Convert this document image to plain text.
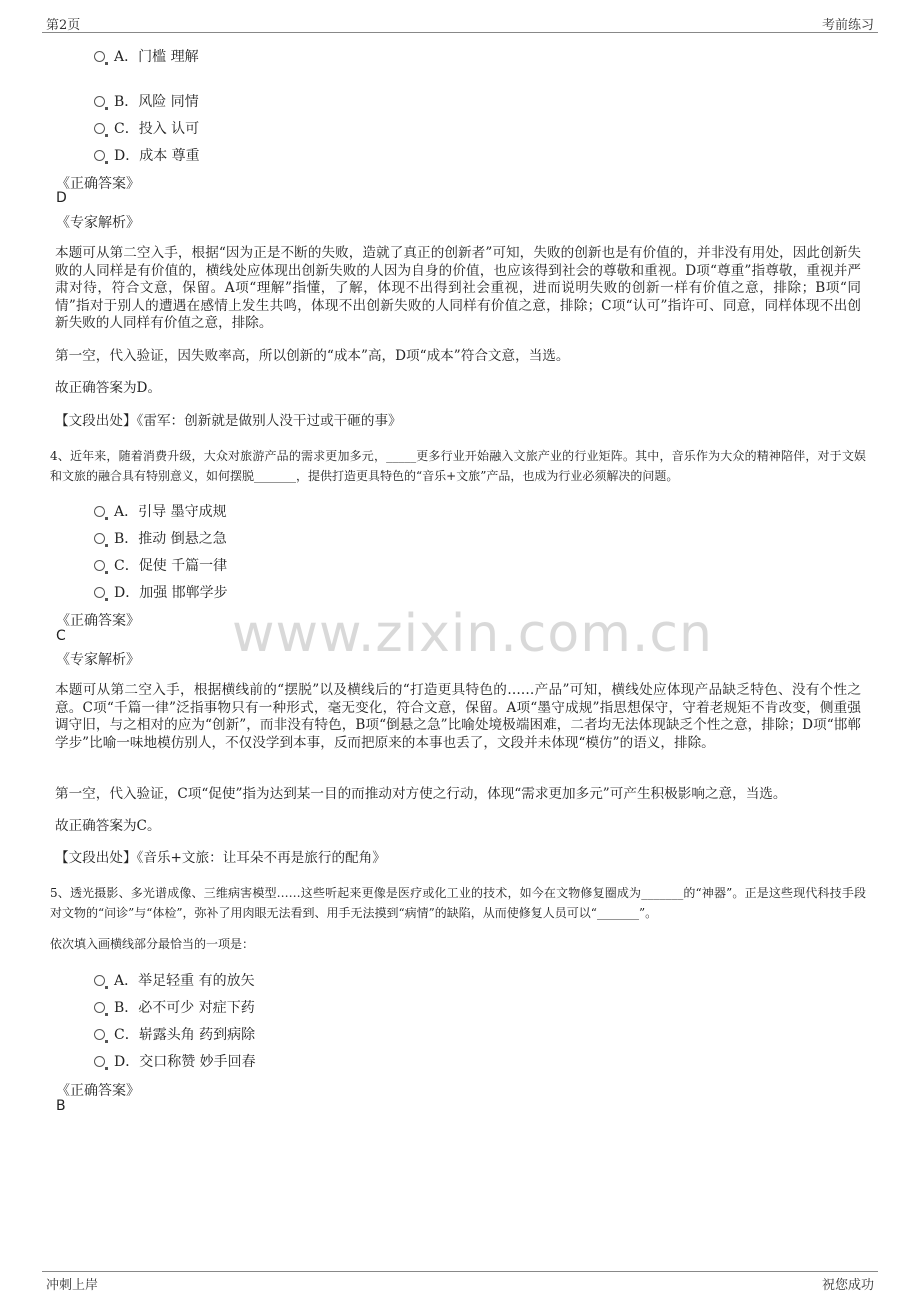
第2页	考前练习
www.zixin.com.cn
A．门槛 理解
B．风险 同情
C．投入 认可
D．成本 尊重
《正确答案》
D
《专家解析》

本题可从第二空入手，根据“因为正是不断的失败，造就了真正的创新者”可知，失败的创新也是有价值的，并非没有用处，因此创新失败的人同样是有价值的，横线处应体现出创新失败的人因为自身的价值，也应该得到社会的尊敬和重视。D项“尊重”指尊敬，重视并严肃对待，符合文意，保留。A项“理解”指懂，了解，体现不出得到社会重视，进而说明失败的创新一样有价值之意，排除；B项“同情”指对于别人的遭遇在感情上发生共鸣，体现不出创新失败的人同样有价值之意，排除；C项“认可”指许可、同意，同样体现不出创新失败的人同样有价值之意，排除。

第一空，代入验证，因失败率高，所以创新的“成本”高，D项“成本”符合文意，当选。

故正确答案为D。

【文段出处】《雷军：创新就是做别人没干过或干砸的事》

4、近年来，随着消费升级，大众对旅游产品的需求更加多元，_____更多行业开始融入文旅产业的行业矩阵。其中，音乐作为大众的精神陪伴，对于文娱和文旅的融合具有特别意义，如何摆脱_______，提供打造更具特色的“音乐+文旅”产品，也成为行业必须解决的问题。

A．引导 墨守成规
B．推动 倒悬之急
C．促使 千篇一律
D．加强 邯郸学步
《正确答案》
C
《专家解析》

本题可从第二空入手，根据横线前的“摆脱”以及横线后的“打造更具特色的……产品”可知，横线处应体现产品缺乏特色、没有个性之意。C项“千篇一律”泛指事物只有一种形式，毫无变化，符合文意，保留。A项“墨守成规”指思想保守，守着老规矩不肯改变，侧重强调守旧，与之相对的应为“创新”，而非没有特色，B项“倒悬之急”比喻处境极端困难，二者均无法体现缺乏个性之意，排除；D项“邯郸学步”比喻一味地模仿别人，不仅没学到本事，反而把原来的本事也丢了，文段并未体现“模仿”的语义，排除。

第一空，代入验证，C项“促使”指为达到某一目的而推动对方使之行动，体现“需求更加多元”可产生积极影响之意，当选。

故正确答案为C。

【文段出处】《音乐+文旅：让耳朵不再是旅行的配角》

5、透光摄影、多光谱成像、三维病害模型……这些听起来更像是医疗或化工业的技术，如今在文物修复圈成为_______的“神器”。正是这些现代科技手段对文物的“问诊”与“体检”，弥补了用肉眼无法看到、用手无法摸到“病情”的缺陷，从而使修复人员可以“_______”。

依次填入画横线部分最恰当的一项是：
A．举足轻重 有的放矢
B．必不可少 对症下药
C．崭露头角 药到病除
D．交口称赞 妙手回春
《正确答案》
B
冲刺上岸	祝您成功
